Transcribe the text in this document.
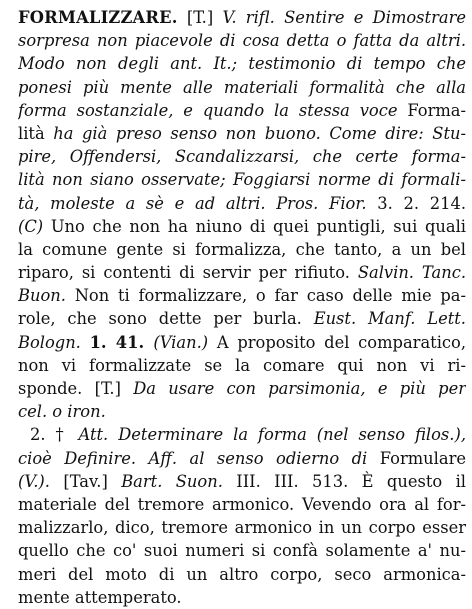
FORMALIZZARE. [T.] V. rifl. Sentire e Dimostrare
sorpresa non piacevole di cosa detta o fatta da altri.
Modo non degli ant. It.; testimonio di tempo che
ponesi più mente alle materiali formalità che alla
forma sostanziale, e quando la stessa voce Forma-
lità ha già preso senso non buono. Come dire: Stu-
pire, Offendersi, Scandalizzarsi, che certe forma-
lità non siano osservate; Foggiarsi norme di formali-
tà, moleste a sè e ad altri. Pros. Fior. 3. 2. 214.
(C) Uno che non ha niuno di quei puntigli, sui quali
la comune gente si formalizza, che tanto, a un bel
riparo, si contenti di servir per rifiuto. Salvin. Tanc.
Buon. Non ti formalizzare, o far caso delle mie pa-
role, che sono dette per burla. Eust. Manf. Lett.
Bologn. 1. 41. (Vian.) A proposito del comparatico,
non vi formalizzate se la comare qui non vi ri-
sponde. [T.] Da usare con parsimonia, e più per
cel. o iron.
2. † Att. Determinare la forma (nel senso filos.),
cioè Definire. Aff. al senso odierno di Formulare
(V.). [Tav.] Bart. Suon. III. III. 513. È questo il
materiale del tremore armonico. Vevendo ora al for-
malizzarlo, dico, tremore armonico in un corpo esser
quello che co' suoi numeri si confà solamente a' nu-
meri del moto di un altro corpo, seco armonica-
mente attemperato.
